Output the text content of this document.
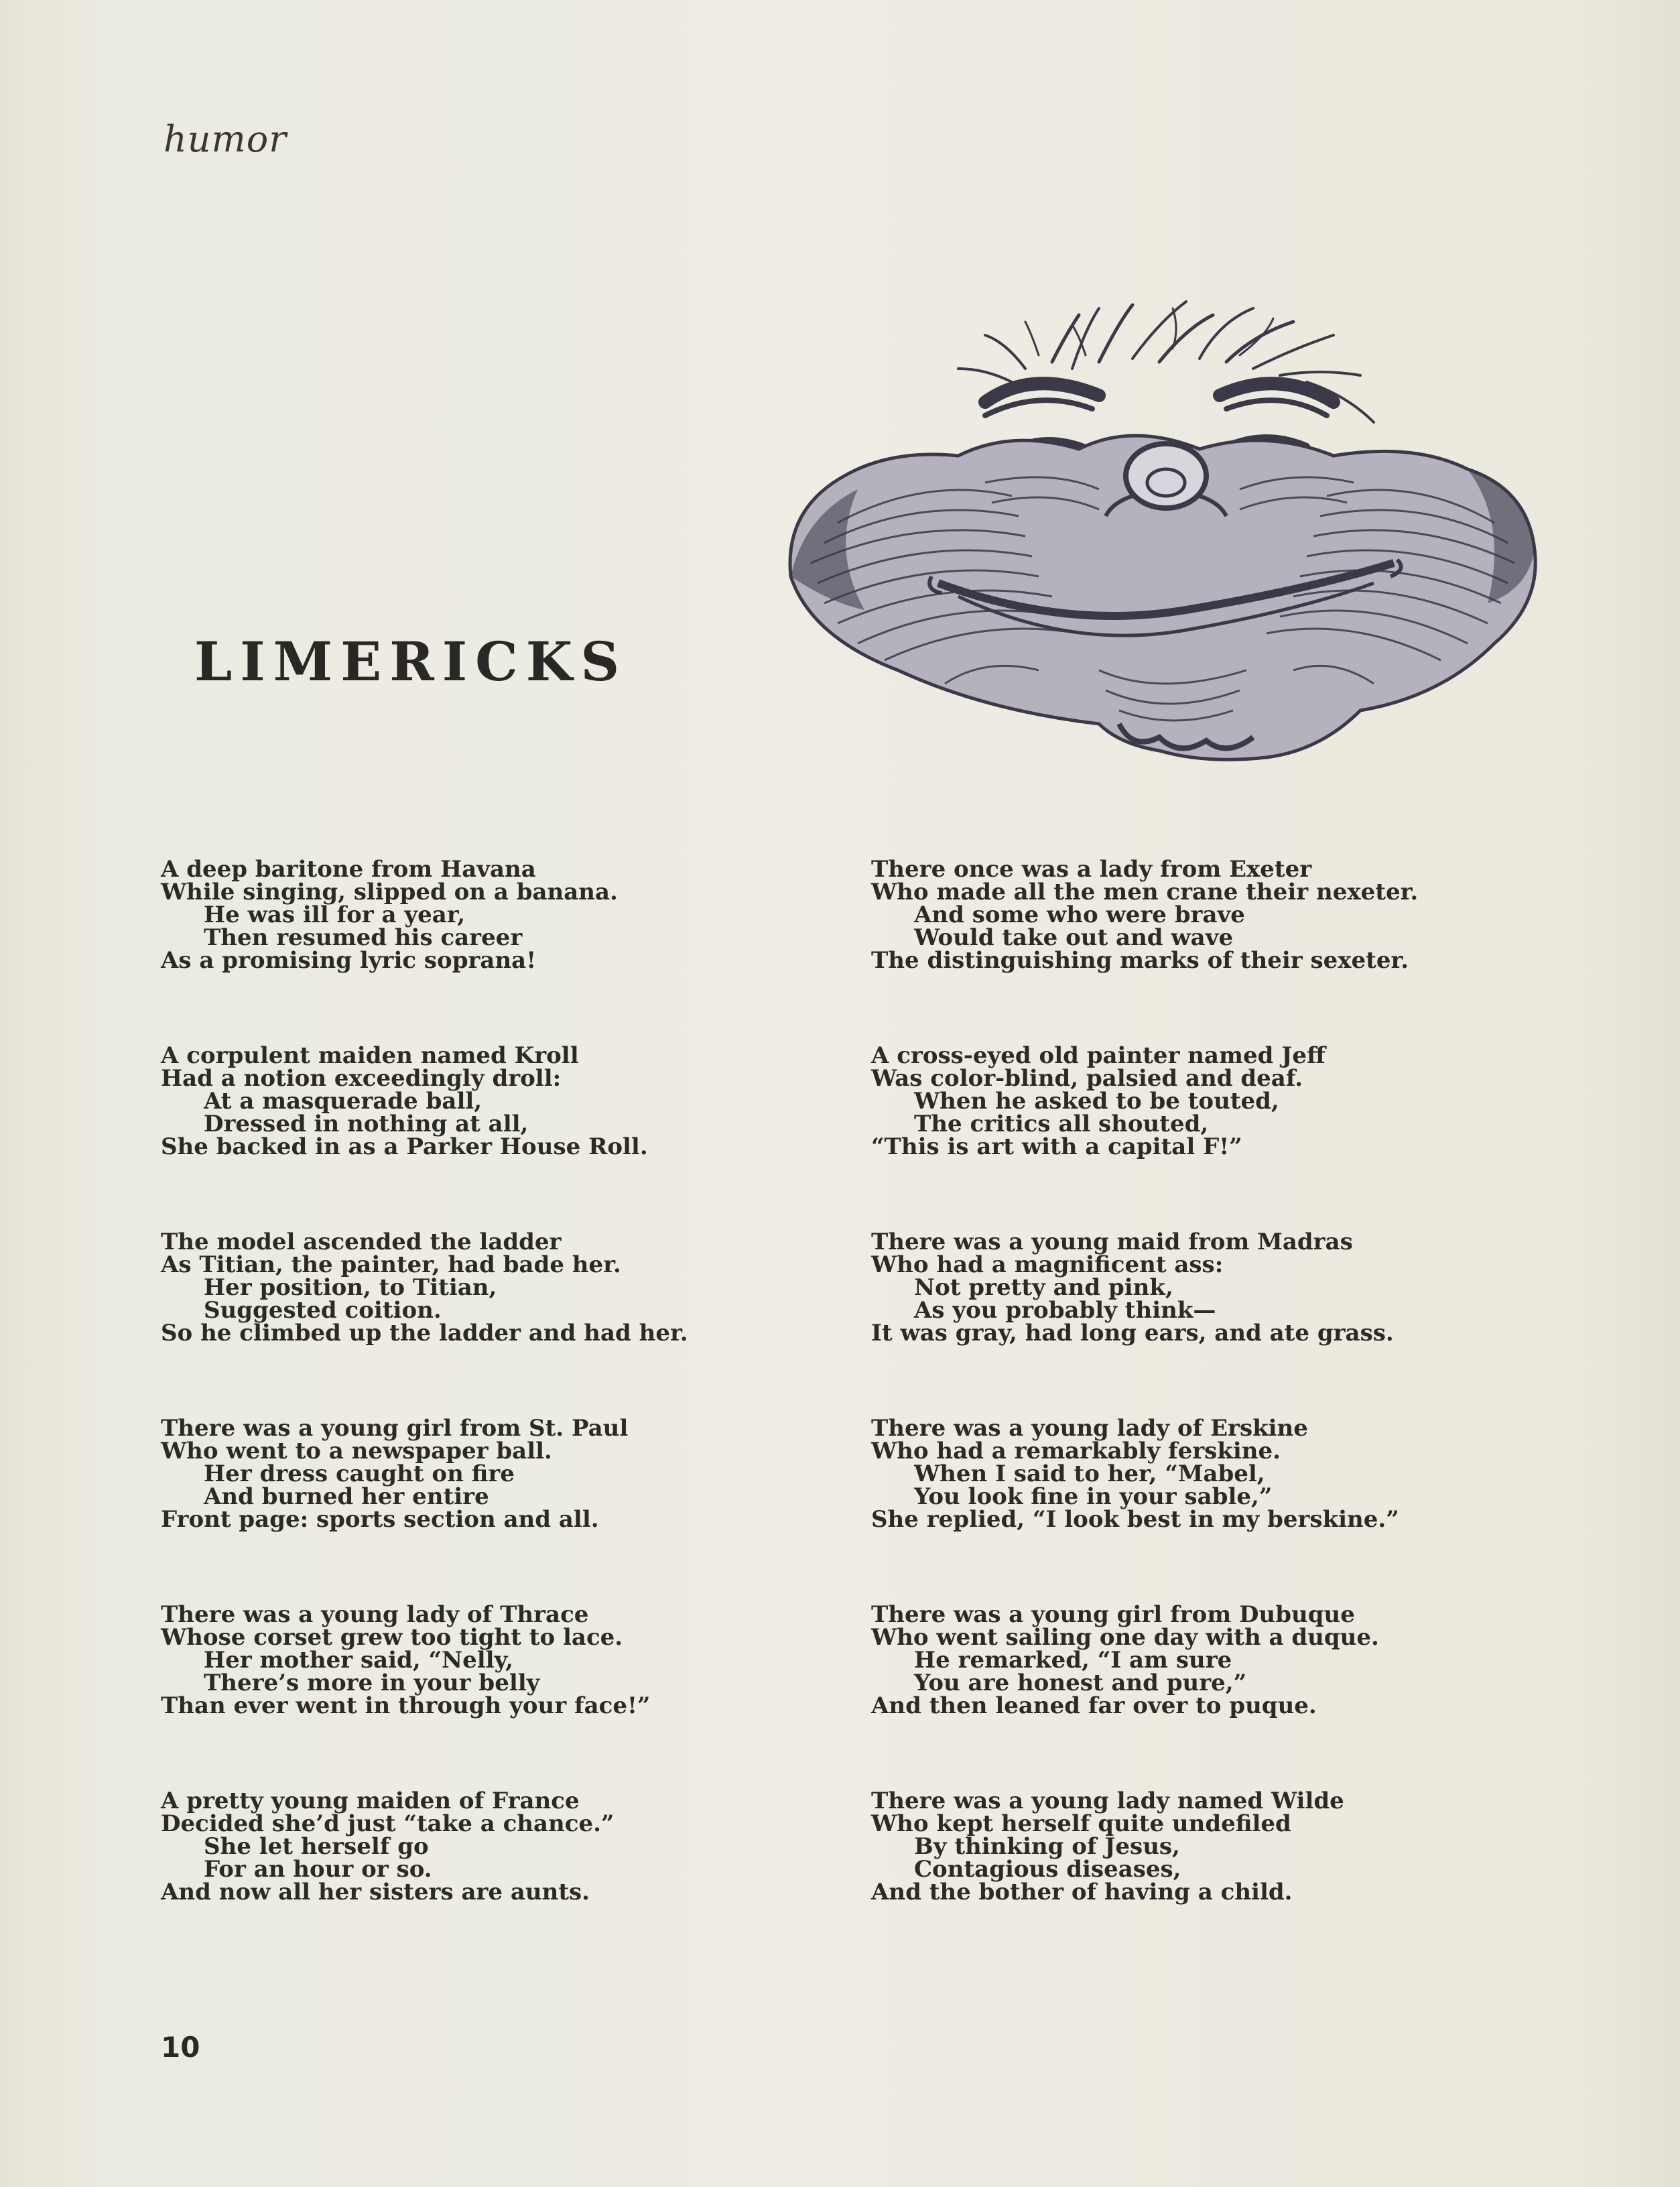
humor
LIMERICKS
A deep baritone from Havana
While singing, slipped on a banana.
He was ill for a year,
Then resumed his career
As a promising lyric soprana!
A corpulent maiden named Kroll
Had a notion exceedingly droll:
At a masquerade ball,
Dressed in nothing at all,
She backed in as a Parker House Roll.
The model ascended the ladder
As Titian, the painter, had bade her.
Her position, to Titian,
Suggested coition.
So he climbed up the ladder and had her.
There was a young girl from St. Paul
Who went to a newspaper ball.
Her dress caught on fire
And burned her entire
Front page: sports section and all.
There was a young lady of Thrace
Whose corset grew too tight to lace.
Her mother said, “Nelly,
There’s more in your belly
Than ever went in through your face!”
A pretty young maiden of France
Decided she’d just “take a chance.”
She let herself go
For an hour or so.
And now all her sisters are aunts.
There once was a lady from Exeter
Who made all the men crane their nexeter.
And some who were brave
Would take out and wave
The distinguishing marks of their sexeter.
A cross-eyed old painter named Jeff
Was color-blind, palsied and deaf.
When he asked to be touted,
The critics all shouted,
“This is art with a capital F!”
There was a young maid from Madras
Who had a magnificent ass:
Not pretty and pink,
As you probably think—
It was gray, had long ears, and ate grass.
There was a young lady of Erskine
Who had a remarkably ferskine.
When I said to her, “Mabel,
You look fine in your sable,”
She replied, “I look best in my berskine.”
There was a young girl from Dubuque
Who went sailing one day with a duque.
He remarked, “I am sure
You are honest and pure,”
And then leaned far over to puque.
There was a young lady named Wilde
Who kept herself quite undefiled
By thinking of Jesus,
Contagious diseases,
And the bother of having a child.
10
